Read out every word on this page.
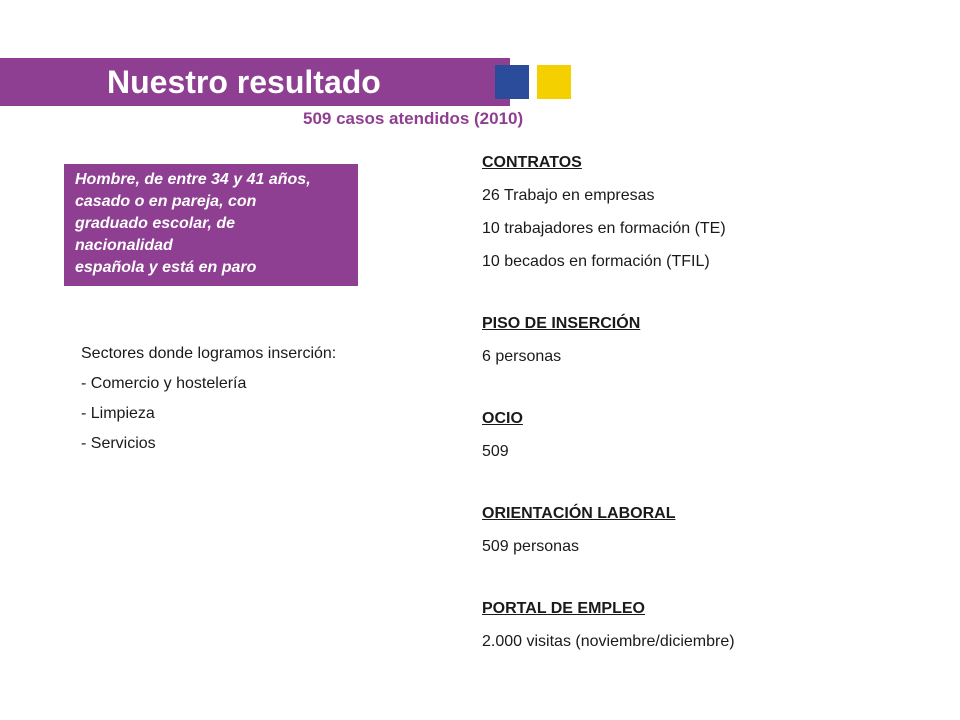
Nuestro resultado
509 casos atendidos (2010)
Hombre, de entre 34 y 41 años,
casado o en pareja, con
graduado escolar, de
nacionalidad
española y está en paro
Sectores donde logramos inserción:
- Comercio y hostelería
- Limpieza
- Servicios
CONTRATOS
26 Trabajo en empresas
10 trabajadores en formación (TE)
10 becados en formación (TFIL)
PISO DE INSERCIÓN
6 personas
OCIO
509
ORIENTACIÓN LABORAL
509 personas
PORTAL DE EMPLEO
2.000 visitas (noviembre/diciembre)
